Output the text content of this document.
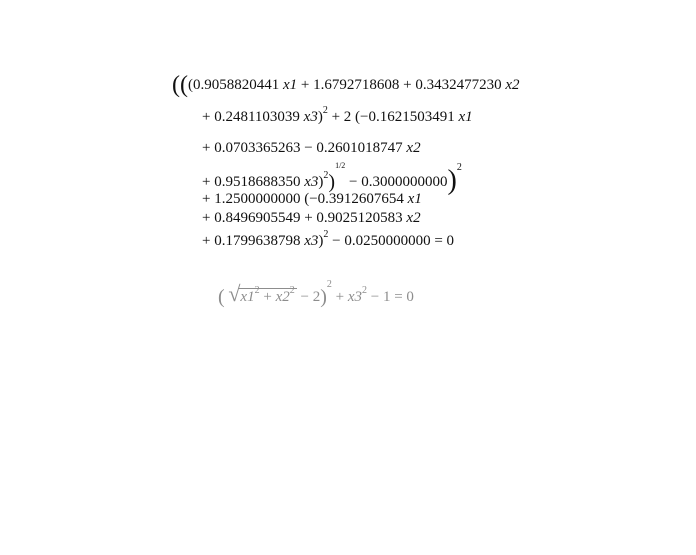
(((0.9058820441 x1 + 1.6792718608 + 0.3432477230 x2
+ 0.2481103039 x3)$^2$ + 2 (−0.1621503491 x1
+ 0.0703365263 − 0.2601018747 x2
+ 0.9518688350 x3)$^2$)$^{1/2}$ − 0.3000000000)$^2$
+ 1.2500000000 (−0.3912607654 x1
+ 0.8496905549 + 0.9025120583 x2
+ 0.1799638798 x3)$^2$ − 0.0250000000 = 0
( √ $x1^2 + x2^2 - 2)^2 + x3^2 - 1 = 0$
